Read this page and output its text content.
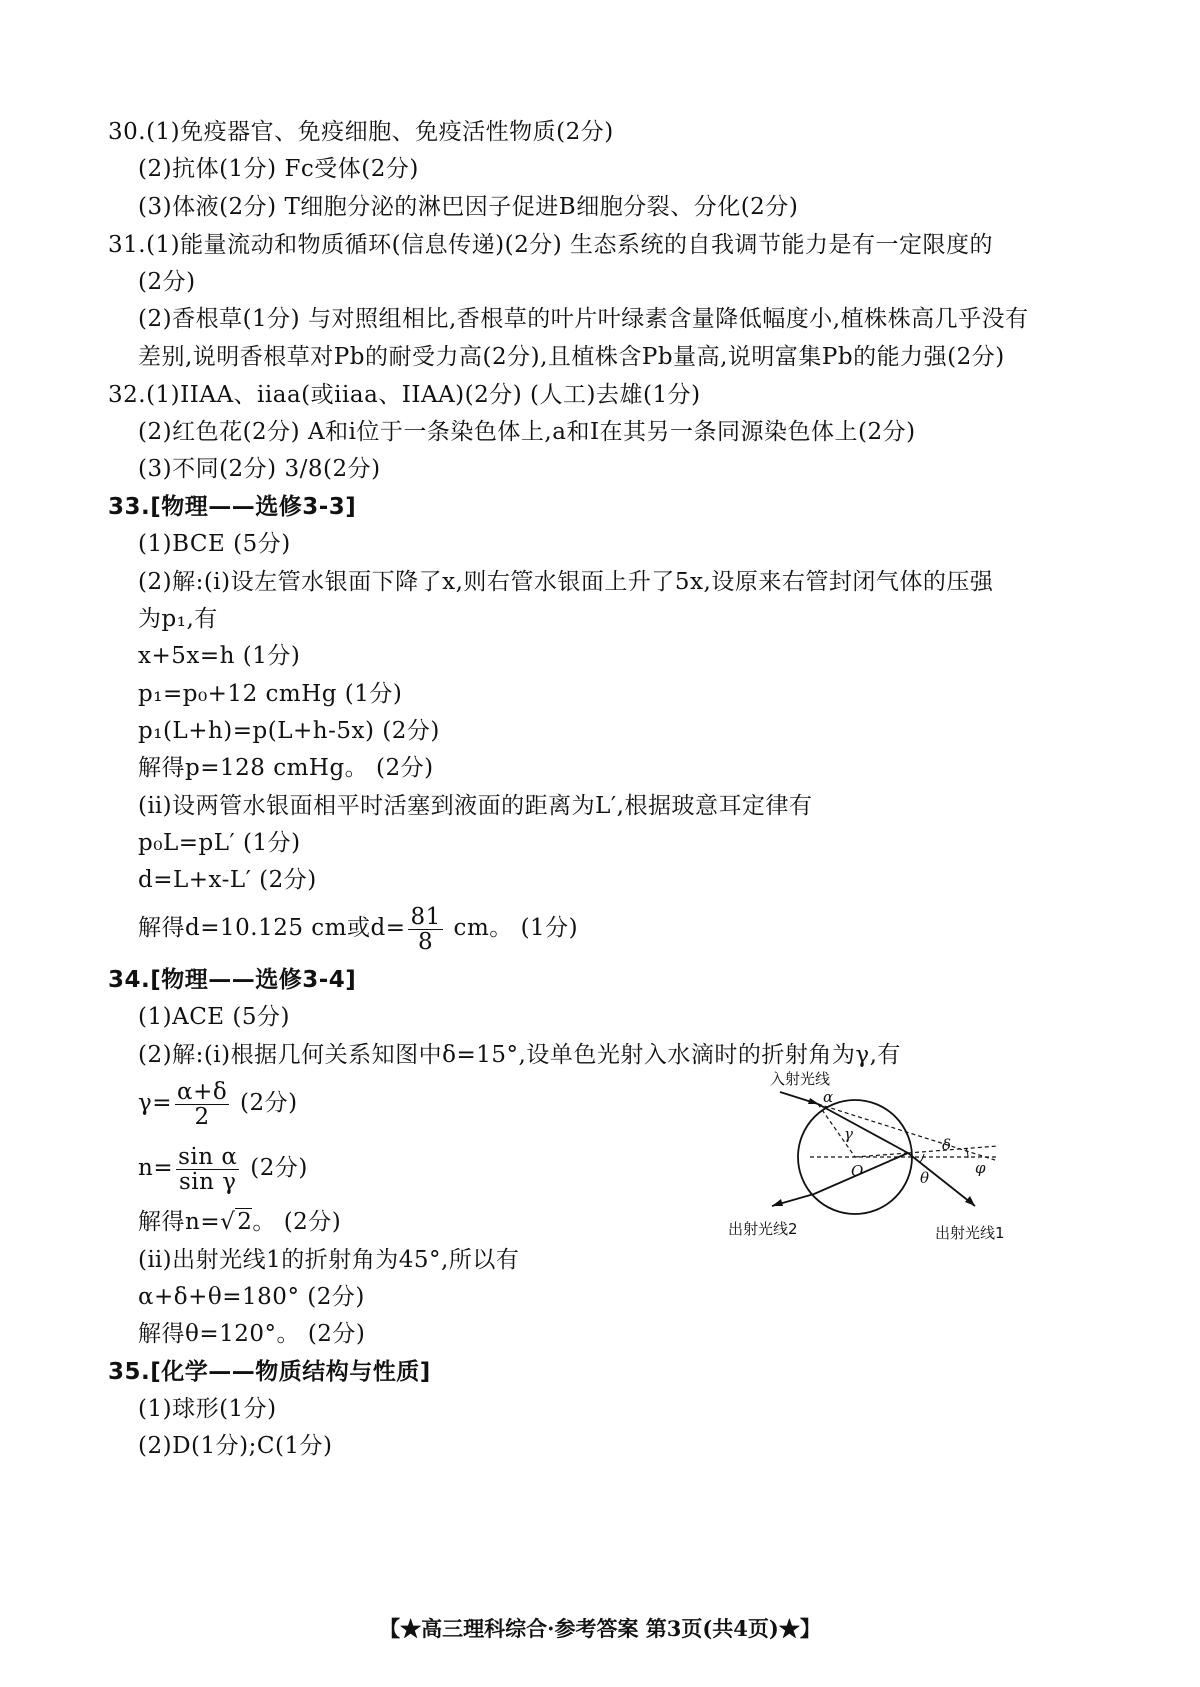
30.(1)免疫器官、免疫细胞、免疫活性物质(2分)
(2)抗体(1分) Fc受体(2分)
(3)体液(2分) T细胞分泌的淋巴因子促进B细胞分裂、分化(2分)
31.(1)能量流动和物质循环(信息传递)(2分) 生态系统的自我调节能力是有一定限度的
(2分)
(2)香根草(1分) 与对照组相比,香根草的叶片叶绿素含量降低幅度小,植株株高几乎没有
差别,说明香根草对Pb的耐受力高(2分),且植株含Pb量高,说明富集Pb的能力强(2分)
32.(1)IIAA、iiaa(或iiaa、IIAA)(2分) (人工)去雄(1分)
(2)红色花(2分) A和i位于一条染色体上,a和I在其另一条同源染色体上(2分)
(3)不同(2分) 3/8(2分)
33.[物理——选修3-3]
(1)BCE (5分)
(2)解:(ⅰ)设左管水银面下降了x,则右管水银面上升了5x,设原来右管封闭气体的压强
为p₁,有
x+5x=h (1分)
p₁=p₀+12 cmHg (1分)
p₁(L+h)=p(L+h-5x) (2分)
解得p=128 cmHg。 (2分)
(ⅱ)设两管水银面相平时活塞到液面的距离为L′,根据玻意耳定律有
p₀L=pL′ (1分)
d=L+x-L′ (2分)
解得d=10.125 cm或$d= \frac{81}{8}$ cm。 (1分)
34.[物理——选修3-4]
(1)ACE (5分)
(2)解:(ⅰ)根据几何关系知图中δ=15°,设单色光射入水滴时的折射角为γ,有
$\gamma= \frac{\alpha+\delta}{2} (2$分)
$n= \frac{\text{sin α}}{\text{sin γ}} (2$分)
解得n=√2。 (2分)
(ⅱ)出射光线1的折射角为45°,所以有
α+δ+θ=180° (2分)
解得θ=120°。 (2分)
入射光线
α
γ
O
δ
θ
φ
出射光线2	出射光线1
35.[化学——物质结构与性质]
(1)球形(1分)
(2)D(1分);C(1分)
【★高三理科综合·参考答案 第3页(共4页)★】
